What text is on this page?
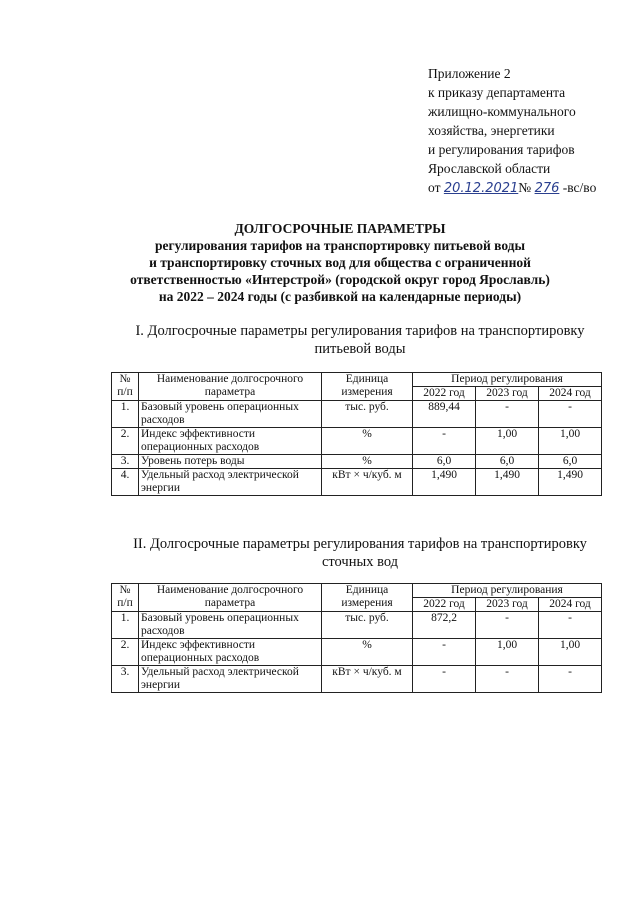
Приложение 2
к приказу департамента
жилищно-коммунального
хозяйства, энергетики
и регулирования тарифов
Ярославской области
от 20.12.2021№ 276 -вс/во
ДОЛГОСРОЧНЫЕ ПАРАМЕТРЫ
регулирования тарифов на транспортировку питьевой воды
и транспортировку сточных вод для общества с ограниченной
ответственностью «Интерстрой» (городской округ город Ярославль)
на 2022 – 2024 годы (с разбивкой на календарные периоды)
I. Долгосрочные параметры регулирования тарифов на транспортировку
питьевой воды
№ п/п	Наименование долгосрочного параметра	Единица измерения	Период регулирования		
			2022 год	2023 год	2024 год
1.	Базовый уровень операционных расходов	тыс. руб.	889,44	-	-
2.	Индекс эффективности операционных расходов	%	-	1,00	1,00
3.	Уровень потерь воды	%	6,0	6,0	6,0
4.	Удельный расход электрической энергии	кВт × ч/куб. м	1,490	1,490	1,490
II. Долгосрочные параметры регулирования тарифов на транспортировку
сточных вод
№ п/п	Наименование долгосрочного параметра	Единица измерения	Период регулирования		
			2022 год	2023 год	2024 год
1.	Базовый уровень операционных расходов	тыс. руб.	872,2	-	-
2.	Индекс эффективности операционных расходов	%	-	1,00	1,00
3.	Удельный расход электрической энергии	кВт × ч/куб. м	-	-	-
